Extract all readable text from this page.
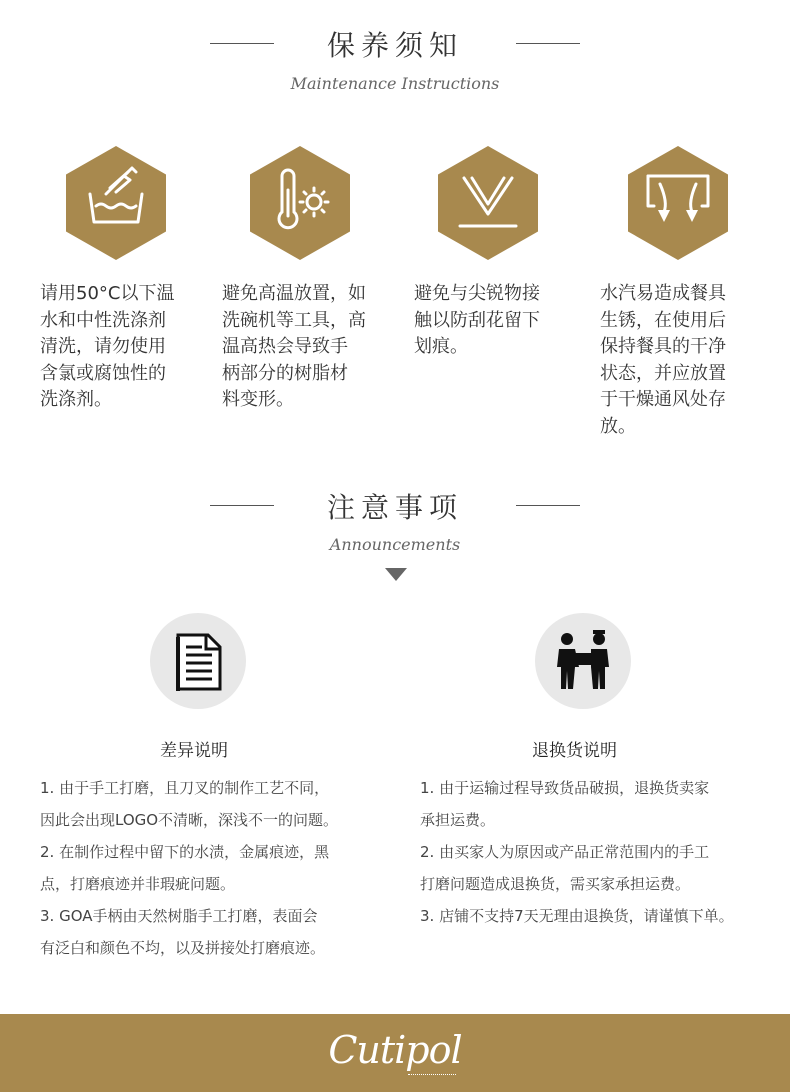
保养须知
Maintenance Instructions
请用50°C以下温
水和中性洗涤剂
清洗，请勿使用
含氯或腐蚀性的
洗涤剂。
避免高温放置，如
洗碗机等工具，高
温高热会导致手
柄部分的树脂材
料变形。
避免与尖锐物接
触以防刮花留下
划痕。
水汽易造成餐具
生锈，在使用后
保持餐具的干净
状态，并应放置
于干燥通风处存
放。
注意事项
Announcements
差异说明	退换货说明
1. 由于手工打磨，且刀叉的制作工艺不同，
因此会出现LOGO不清晰，深浅不一的问题。
2. 在制作过程中留下的水渍，金属痕迹，黑
点，打磨痕迹并非瑕疵问题。
3. GOA手柄由天然树脂手工打磨，表面会
有泛白和颜色不均，以及拼接处打磨痕迹。
1. 由于运输过程导致货品破损，退换货卖家
承担运费。
2. 由买家人为原因或产品正常范围内的手工
打磨问题造成退换货，需买家承担运费。
3. 店铺不支持7天无理由退换货，请谨慎下单。
Cutipol
